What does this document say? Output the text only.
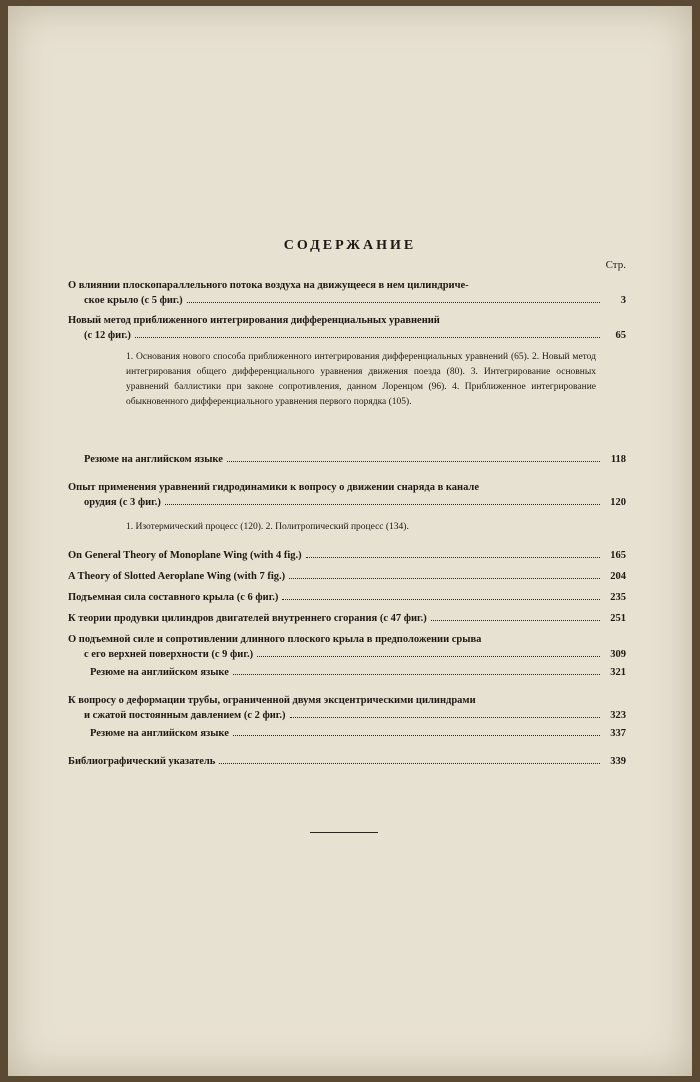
СОДЕРЖАНИЕ
Стр.
О влиянии плоскопараллельного потока воздуха на движущееся в нем цилиндриче-
ское крыло (с 5 фиг.)	3
Новый метод приближенного интегрирования дифференциальных уравнений
(с 12 фиг.)	65
1. Основания нового способа приближенного интегрирования дифференциальных уравнений (65). 2. Новый метод интегрирования общего дифференциального уравнения движения поезда (80). 3. Интегрирование основных уравнений баллистики при законе сопротивления, данном Лоренцом (96). 4. Приближенное интегрирование обыкновенного дифференциального уравнения первого порядка (105).
Резюме на английском языке	118
Опыт применения уравнений гидродинамики к вопросу о движении снаряда в канале
орудия (с 3 фиг.)	120
1. Изотермический процесс (120). 2. Политропический процесс (134).
On General Theory of Monoplane Wing (with 4 fig.)	165
A Theory of Slotted Aeroplane Wing (with 7 fig.)	204
Подъемная сила составного крыла (с 6 фиг.)	235
К теории продувки цилиндров двигателей внутреннего сгорания (с 47 фиг.)	251
О подъемной силе и сопротивлении длинного плоского крыла в предположении срыва
с его верхней поверхности (с 9 фиг.)	309
Резюме на английском языке	321
К вопросу о деформации трубы, ограниченной двумя эксцентрическими цилиндрами
и сжатой постоянным давлением (с 2 фиг.)	323
Резюме на английском языке	337
Библиографический указатель	339
